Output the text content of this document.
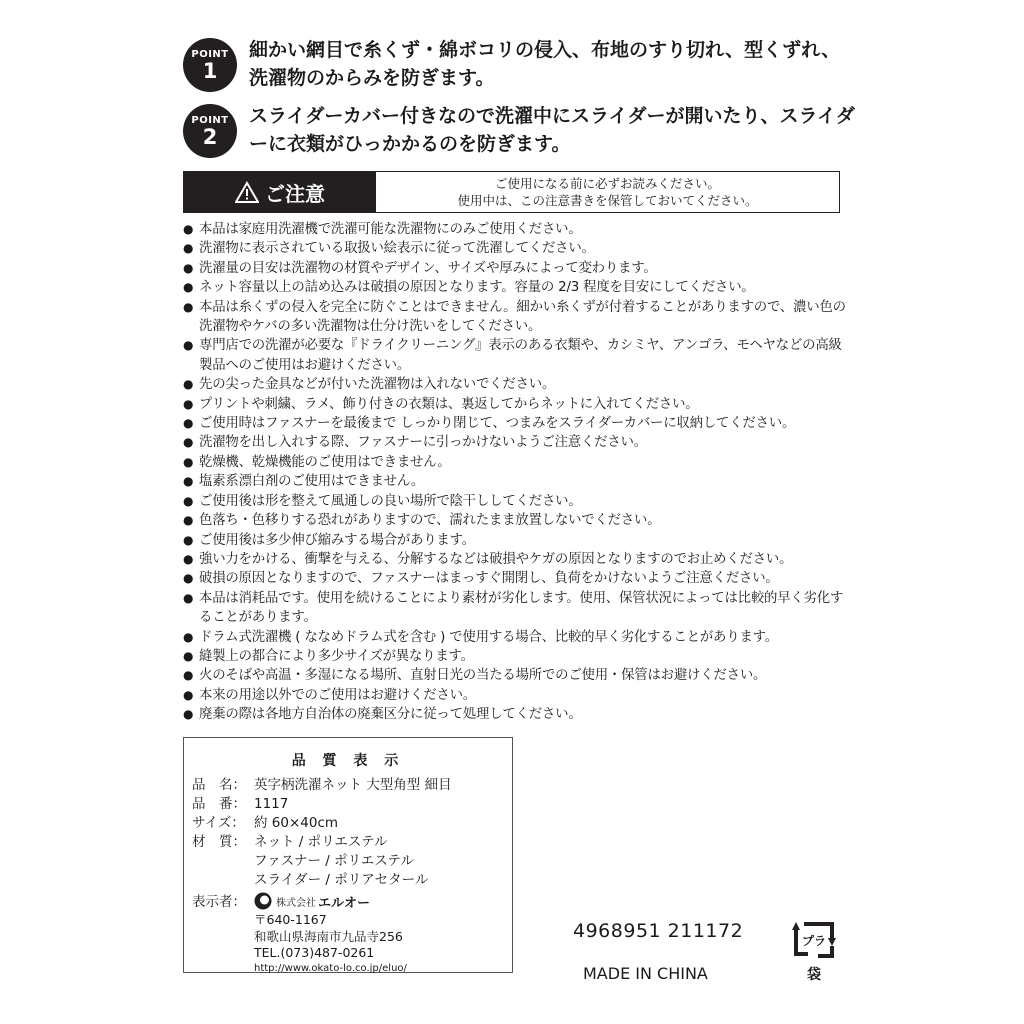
POINT
1
細かい網目で糸くず・綿ボコリの侵入、布地のすり切れ、型くずれ、洗濯物のからみを防ぎます。
POINT
2
スライダーカバー付きなので洗濯中にスライダーが開いたり、スライダーに衣類がひっかかるのを防ぎます。
ご注意	ご使用になる前に必ずお読みください。
使用中は、この注意書きを保管しておいてください。
● 本品は家庭用洗濯機で洗濯可能な洗濯物にのみご使用ください。
● 洗濯物に表示されている取扱い絵表示に従って洗濯してください。
● 洗濯量の目安は洗濯物の材質やデザイン、サイズや厚みによって変わります。
● ネット容量以上の詰め込みは破損の原因となります。容量の 2/3 程度を目安にしてください。
● 本品は糸くずの侵入を完全に防ぐことはできません。細かい糸くずが付着することがありますので、濃い色の洗濯物やケバの多い洗濯物は仕分け洗いをしてください。
● 専門店での洗濯が必要な『ドライクリーニング』表示のある衣類や、カシミヤ、アンゴラ、モヘヤなどの高級製品へのご使用はお避けください。
● 先の尖った金具などが付いた洗濯物は入れないでください。
● プリントや刺繍、ラメ、飾り付きの衣類は、裏返してからネットに入れてください。
● ご使用時はファスナーを最後まで しっかり閉じて、つまみをスライダーカバーに収納してください。
● 洗濯物を出し入れする際、ファスナーに引っかけないようご注意ください。
● 乾燥機、乾燥機能のご使用はできません。
● 塩素系漂白剤のご使用はできません。
● ご使用後は形を整えて風通しの良い場所で陰干ししてください。
● 色落ち・色移りする恐れがありますので、濡れたまま放置しないでください。
● ご使用後は多少伸び縮みする場合があります。
● 強い力をかける、衝撃を与える、分解するなどは破損やケガの原因となりますのでお止めください。
● 破損の原因となりますので、ファスナーはまっすぐ開閉し、負荷をかけないようご注意ください。
● 本品は消耗品です。使用を続けることにより素材が劣化します。使用、保管状況によっては比較的早く劣化することがあります。
● ドラム式洗濯機 ( ななめドラム式を含む ) で使用する場合、比較的早く劣化することがあります。
● 縫製上の都合により多少サイズが異なります。
● 火のそばや高温・多湿になる場所、直射日光の当たる場所でのご使用・保管はお避けください。
● 本来の用途以外でのご使用はお避けください。
● 廃棄の際は各地方自治体の廃棄区分に従って処理してください。
品 質 表 示
品　名： 英字柄洗濯ネット 大型角型 細目
品　番： 1117
サイズ： 約 60×40cm
材　質： ネット / ポリエステル
ファスナー / ポリエステル
スライダー / ポリアセタール
表示者：	株式会社 エルオー
〒640-1167
和歌山県海南市九品寺256
TEL.(073)487-0261
http://www.okato-lo.co.jp/eluo/
4968951 211172
MADE IN CHINA
プラ
袋
